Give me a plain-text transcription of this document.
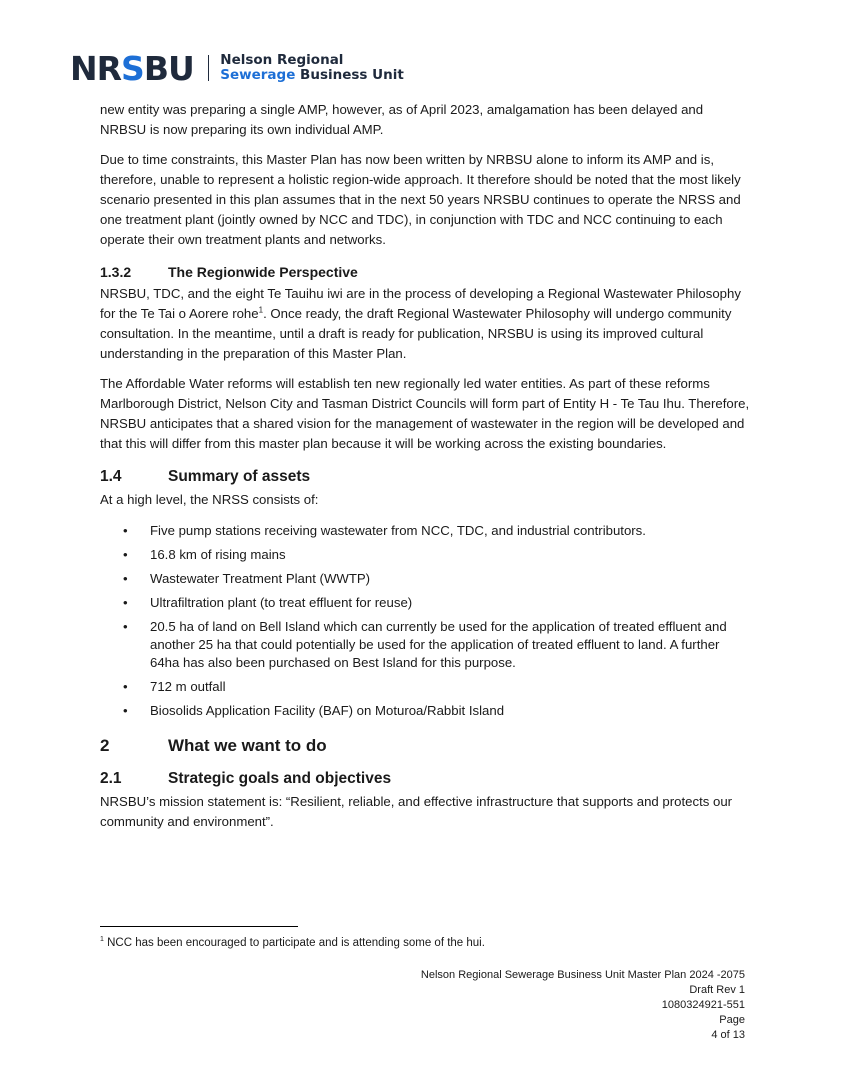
NRSBU Nelson Regional
Sewerage Business Unit

new entity was preparing a single AMP, however, as of April 2023, amalgamation has been delayed and NRBSU is now preparing its own individual AMP.

Due to time constraints, this Master Plan has now been written by NRBSU alone to inform its AMP and is, therefore, unable to represent a holistic region-wide approach. It therefore should be noted that the most likely scenario presented in this plan assumes that in the next 50 years NRSBU continues to operate the NRSS and one treatment plant (jointly owned by NCC and TDC), in conjunction with TDC and NCC continuing to each operate their own treatment plants and networks.

1.3.2	The Regionwide Perspective

NRSBU, TDC, and the eight Te Tauihu iwi are in the process of developing a Regional Wastewater Philosophy for the Te Tai o Aorere rohe$^1$. Once ready, the draft Regional Wastewater Philosophy will undergo community consultation. In the meantime, until a draft is ready for publication, NRSBU is using its improved cultural understanding in the preparation of this Master Plan.

The Affordable Water reforms will establish ten new regionally led water entities. As part of these reforms Marlborough District, Nelson City and Tasman District Councils will form part of Entity H - Te Tau Ihu. Therefore, NRSBU anticipates that a shared vision for the management of wastewater in the region will be developed and that this will differ from this master plan because it will be working across the existing boundaries.

1.4	Summary of assets

At a high level, the NRSS consists of:

• Five pump stations receiving wastewater from NCC, TDC, and industrial contributors.
• 16.8 km of rising mains
• Wastewater Treatment Plant (WWTP)
• Ultrafiltration plant (to treat effluent for reuse)
• 20.5 ha of land on Bell Island which can currently be used for the application of treated effluent and another 25 ha that could potentially be used for the application of treated effluent to land. A further 64ha has also been purchased on Best Island for this purpose.
• 712 m outfall
• Biosolids Application Facility (BAF) on Moturoa/Rabbit Island
2	What we want to do
2.1	Strategic goals and objectives

NRSBU’s mission statement is: “Resilient, reliable, and effective infrastructure that supports and protects our community and environment”.

$^1$ NCC has been encouraged to participate and is attending some of the hui.
Nelson Regional Sewerage Business Unit Master Plan 2024 -2075
Draft Rev 1
1080324921-551
Page
4 of 13
